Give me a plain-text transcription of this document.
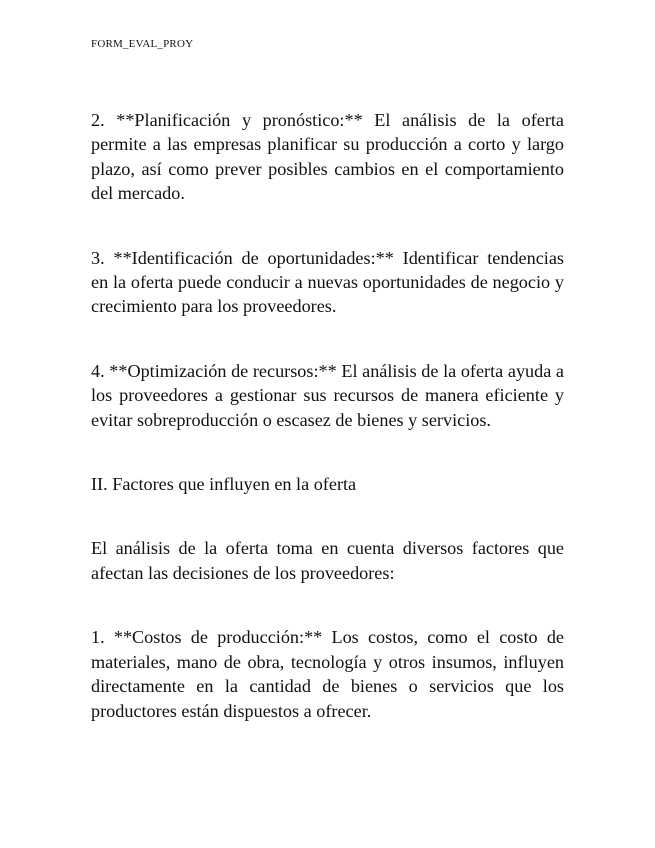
FORM_EVAL_PROY

2. **Planificación y pronóstico:** El análisis de la oferta permite a las empresas planificar su producción a corto y largo plazo, así como prever posibles cambios en el comportamiento del mercado.

3. **Identificación de oportunidades:** Identificar tendencias en la oferta puede conducir a nuevas oportunidades de negocio y crecimiento para los proveedores.

4. **Optimización de recursos:** El análisis de la oferta ayuda a los proveedores a gestionar sus recursos de manera eficiente y evitar sobreproducción o escasez de bienes y servicios.

II. Factores que influyen en la oferta

El análisis de la oferta toma en cuenta diversos factores que afectan las decisiones de los proveedores:

1. **Costos de producción:** Los costos, como el costo de materiales, mano de obra, tecnología y otros insumos, influyen directamente en la cantidad de bienes o servicios que los productores están dispuestos a ofrecer.
